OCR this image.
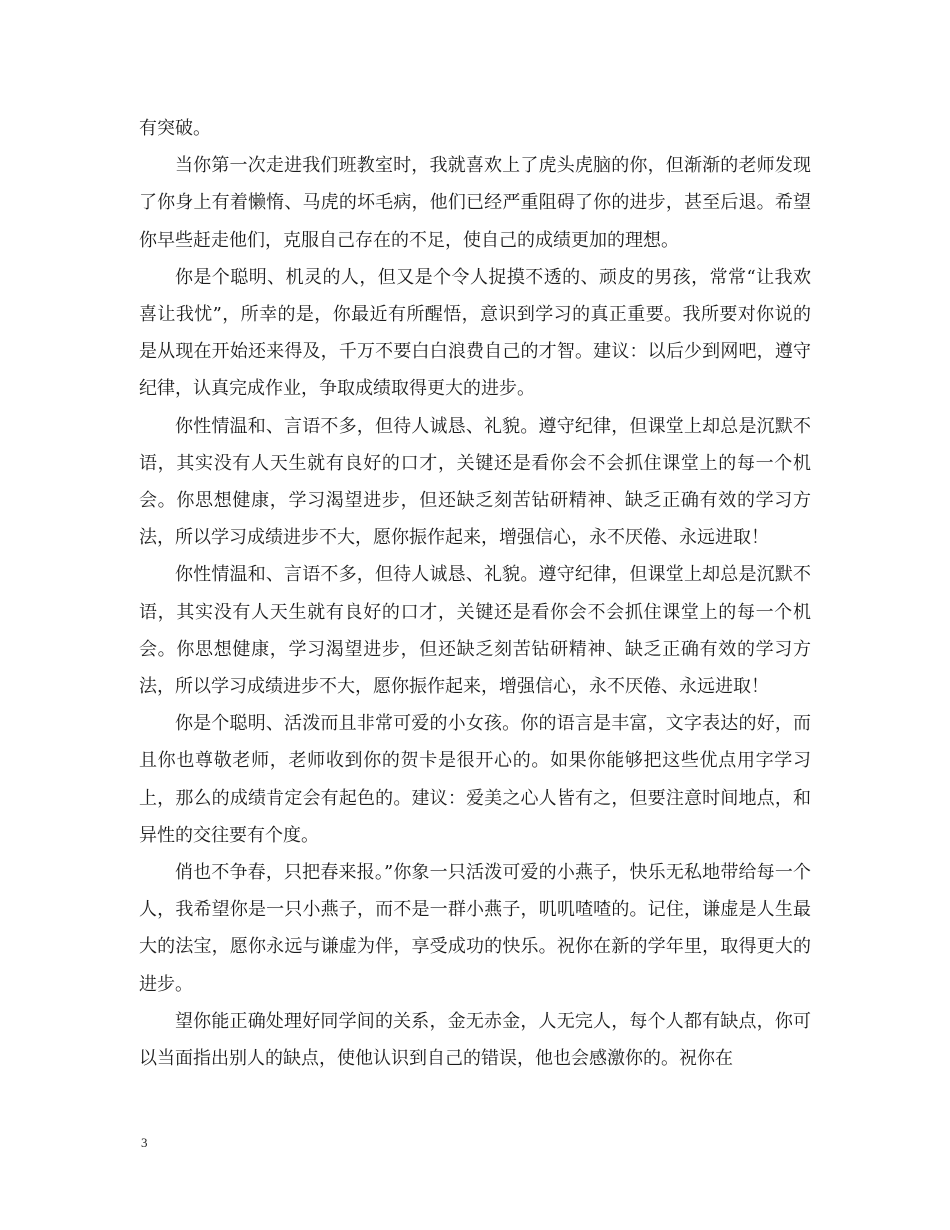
有突破。

当你第一次走进我们班教室时，我就喜欢上了虎头虎脑的你，但渐渐的老师发现了你身上有着懒惰、马虎的坏毛病，他们已经严重阻碍了你的进步，甚至后退。希望你早些赶走他们，克服自己存在的不足，使自己的成绩更加的理想。

你是个聪明、机灵的人，但又是个令人捉摸不透的、顽皮的男孩，常常“让我欢喜让我忧”，所幸的是，你最近有所醒悟，意识到学习的真正重要。我所要对你说的是从现在开始还来得及，千万不要白白浪费自己的才智。建议：以后少到网吧，遵守纪律，认真完成作业，争取成绩取得更大的进步。

你性情温和、言语不多，但待人诚恳、礼貌。遵守纪律，但课堂上却总是沉默不语，其实没有人天生就有良好的口才，关键还是看你会不会抓住课堂上的每一个机会。你思想健康，学习渴望进步，但还缺乏刻苦钻研精神、缺乏正确有效的学习方法，所以学习成绩进步不大，愿你振作起来，增强信心，永不厌倦、永远进取！

你性情温和、言语不多，但待人诚恳、礼貌。遵守纪律，但课堂上却总是沉默不语，其实没有人天生就有良好的口才，关键还是看你会不会抓住课堂上的每一个机会。你思想健康，学习渴望进步，但还缺乏刻苦钻研精神、缺乏正确有效的学习方法，所以学习成绩进步不大，愿你振作起来，增强信心，永不厌倦、永远进取！

你是个聪明、活泼而且非常可爱的小女孩。你的语言是丰富，文字表达的好，而且你也尊敬老师，老师收到你的贺卡是很开心的。如果你能够把这些优点用字学习上，那么的成绩肯定会有起色的。建议：爱美之心人皆有之，但要注意时间地点，和异性的交往要有个度。

俏也不争春，只把春来报。”你象一只活泼可爱的小燕子，快乐无私地带给每一个人，我希望你是一只小燕子，而不是一群小燕子，叽叽喳喳的。记住，谦虚是人生最大的法宝，愿你永远与谦虚为伴，享受成功的快乐。祝你在新的学年里，取得更大的进步。

望你能正确处理好同学间的关系，金无赤金，人无完人，每个人都有缺点，你可以当面指出别人的缺点，使他认识到自己的错误，他也会感激你的。祝你在

3
